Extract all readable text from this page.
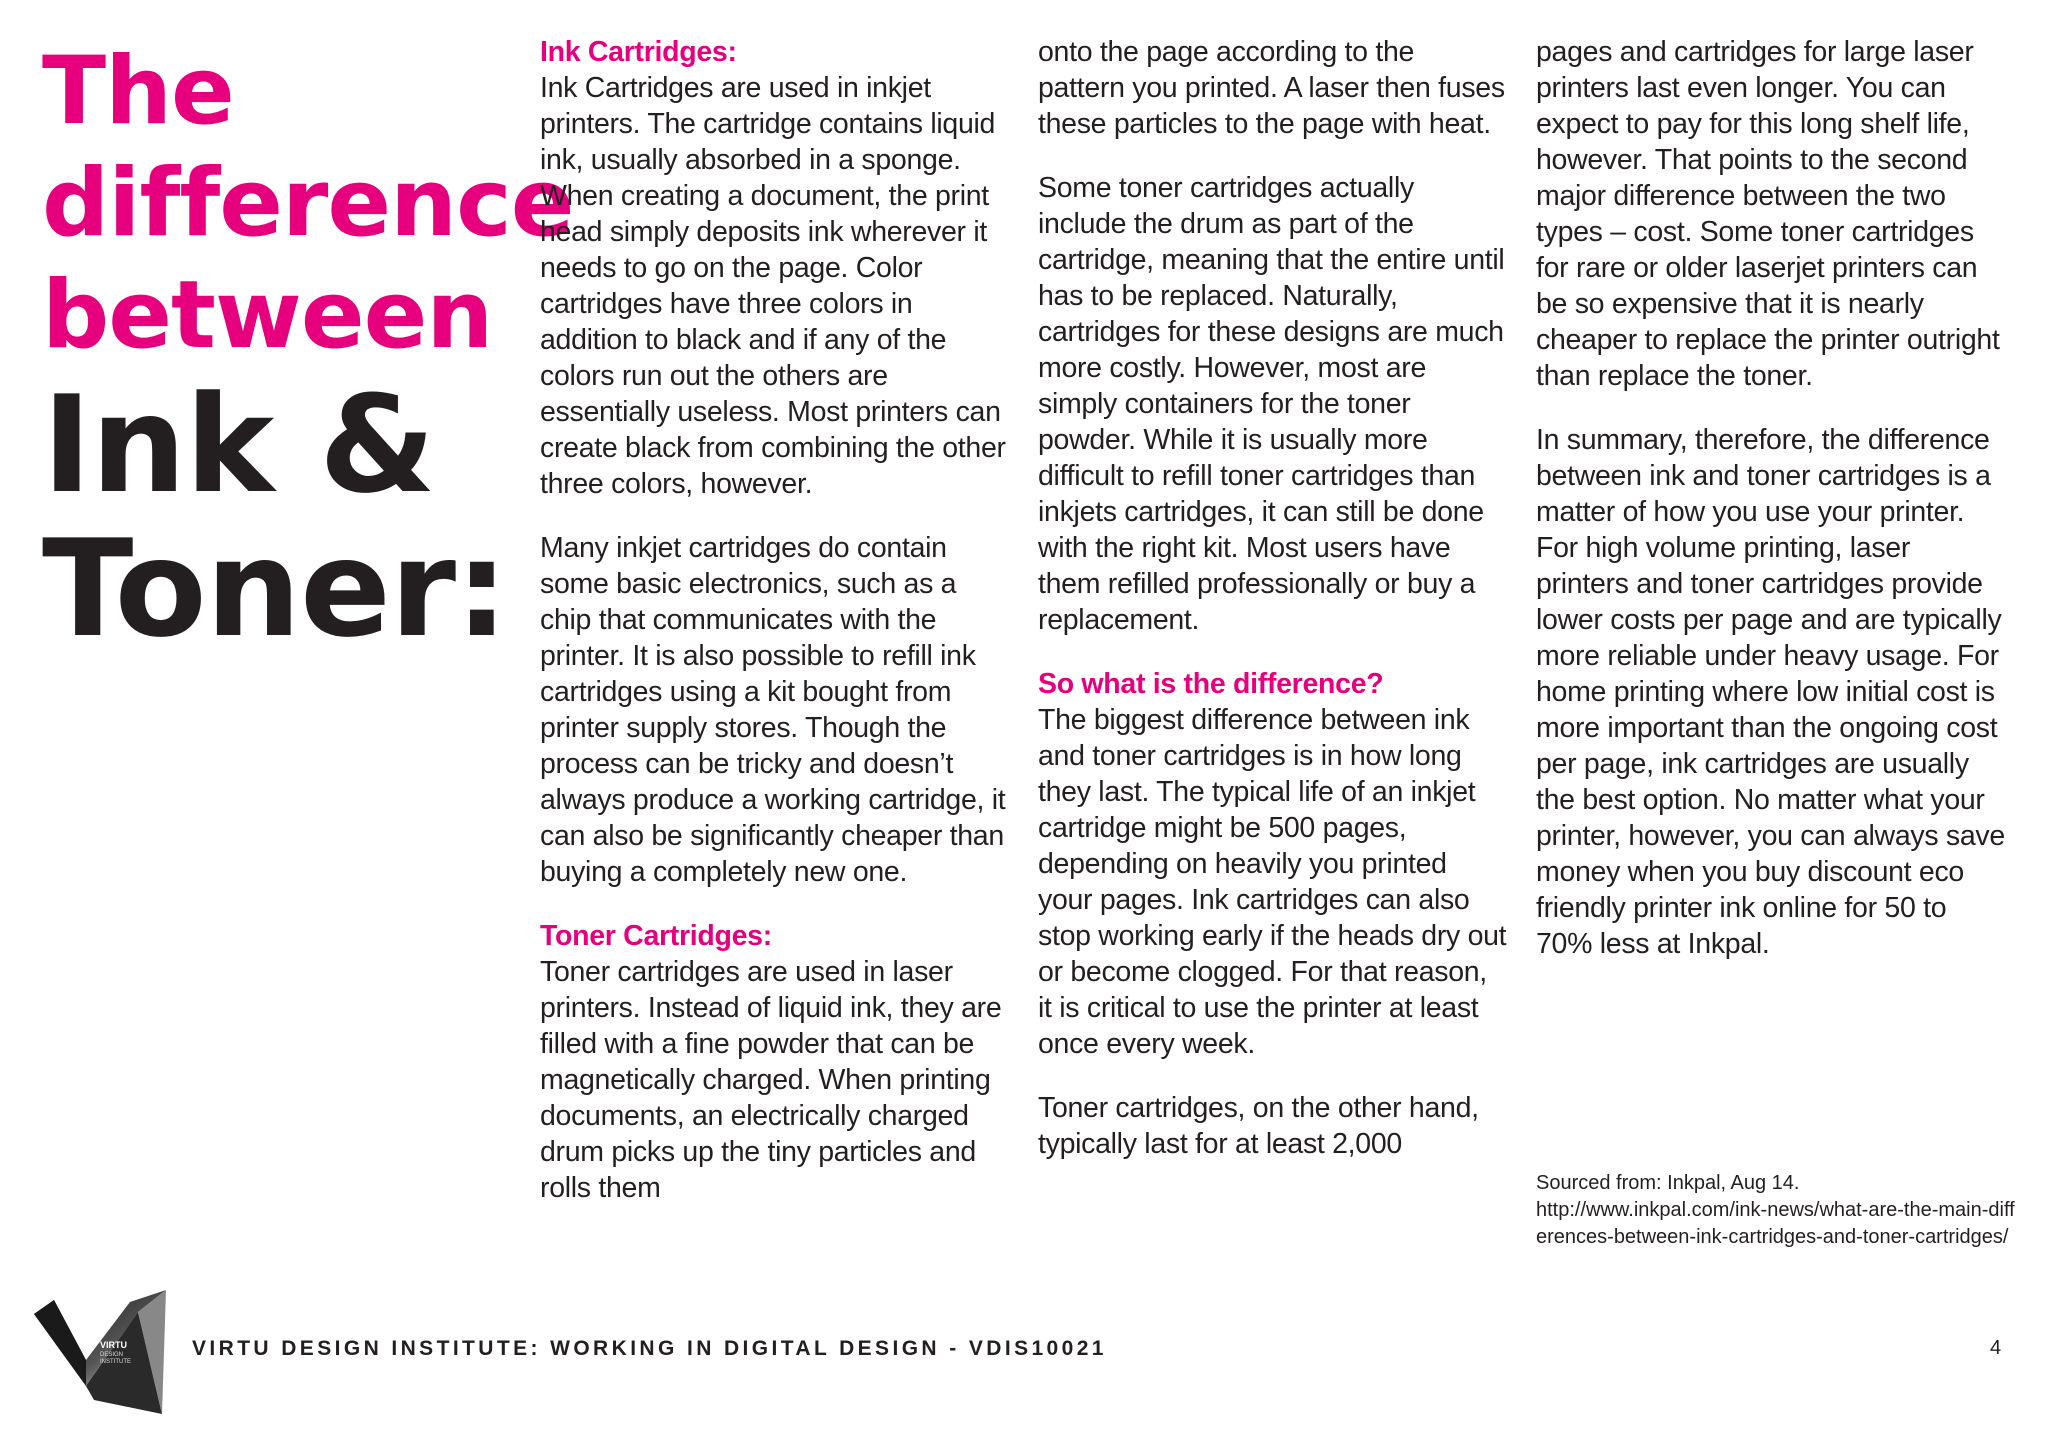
The
difference
between
Ink &
Toner:
Ink Cartridges:

Ink Cartridges are used in inkjet printers. The cartridge contains liquid ink, usually absorbed in a sponge. When creating a document, the print head simply deposits ink wherever it needs to go on the page. Color cartridges have three colors in addition to black and if any of the colors run out the others are essentially useless. Most printers can create black from combining the other three colors, however.

Many inkjet cartridges do contain some basic electronics, such as a chip that communicates with the printer. It is also possible to refill ink cartridges using a kit bought from printer supply stores. Though the process can be tricky and doesn’t always produce a working cartridge, it can also be significantly cheaper than buying a completely new one.

Toner Cartridges:

Toner cartridges are used in laser printers. Instead of liquid ink, they are filled with a fine powder that can be magnetically charged. When printing documents, an electrically charged drum picks up the tiny particles and rolls them

onto the page according to the pattern you printed. A laser then fuses these particles to the page with heat.

Some toner cartridges actually include the drum as part of the cartridge, meaning that the entire until has to be replaced. Naturally, cartridges for these designs are much more costly. However, most are simply containers for the toner powder. While it is usually more difficult to refill toner cartridges than inkjets cartridges, it can still be done with the right kit. Most users have them refilled professionally or buy a replacement.

So what is the difference?

The biggest difference between ink and toner cartridges is in how long they last. The typical life of an inkjet cartridge might be 500 pages, depending on heavily you printed your pages. Ink cartridges can also stop working early if the heads dry out or become clogged. For that reason, it is critical to use the printer at least once every week.

Toner cartridges, on the other hand, typically last for at least 2,000

pages and cartridges for large laser printers last even longer. You can expect to pay for this long shelf life, however. That points to the second major difference between the two types – cost. Some toner cartridges for rare or older laserjet printers can be so expensive that it is nearly cheaper to replace the printer outright than replace the toner.

In summary, therefore, the difference between ink and toner cartridges is a matter of how you use your printer. For high volume printing, laser printers and toner cartridges provide lower costs per page and are typically more reliable under heavy usage. For home printing where low initial cost is more important than the ongoing cost per page, ink cartridges are usually the best option. No matter what your printer, however, you can always save money when you buy discount eco friendly printer ink online for 50 to 70% less at Inkpal.

Sourced from: Inkpal, Aug 14.
http://www.inkpal.com/ink-news/what-are-the-main-differences-between-ink-cartridges-and-toner-cartridges/
VIRTU
DESIGN
INSTITUTE
VIRTU DESIGN INSTITUTE: WORKING IN DIGITAL DESIGN - VDIS10021	4
